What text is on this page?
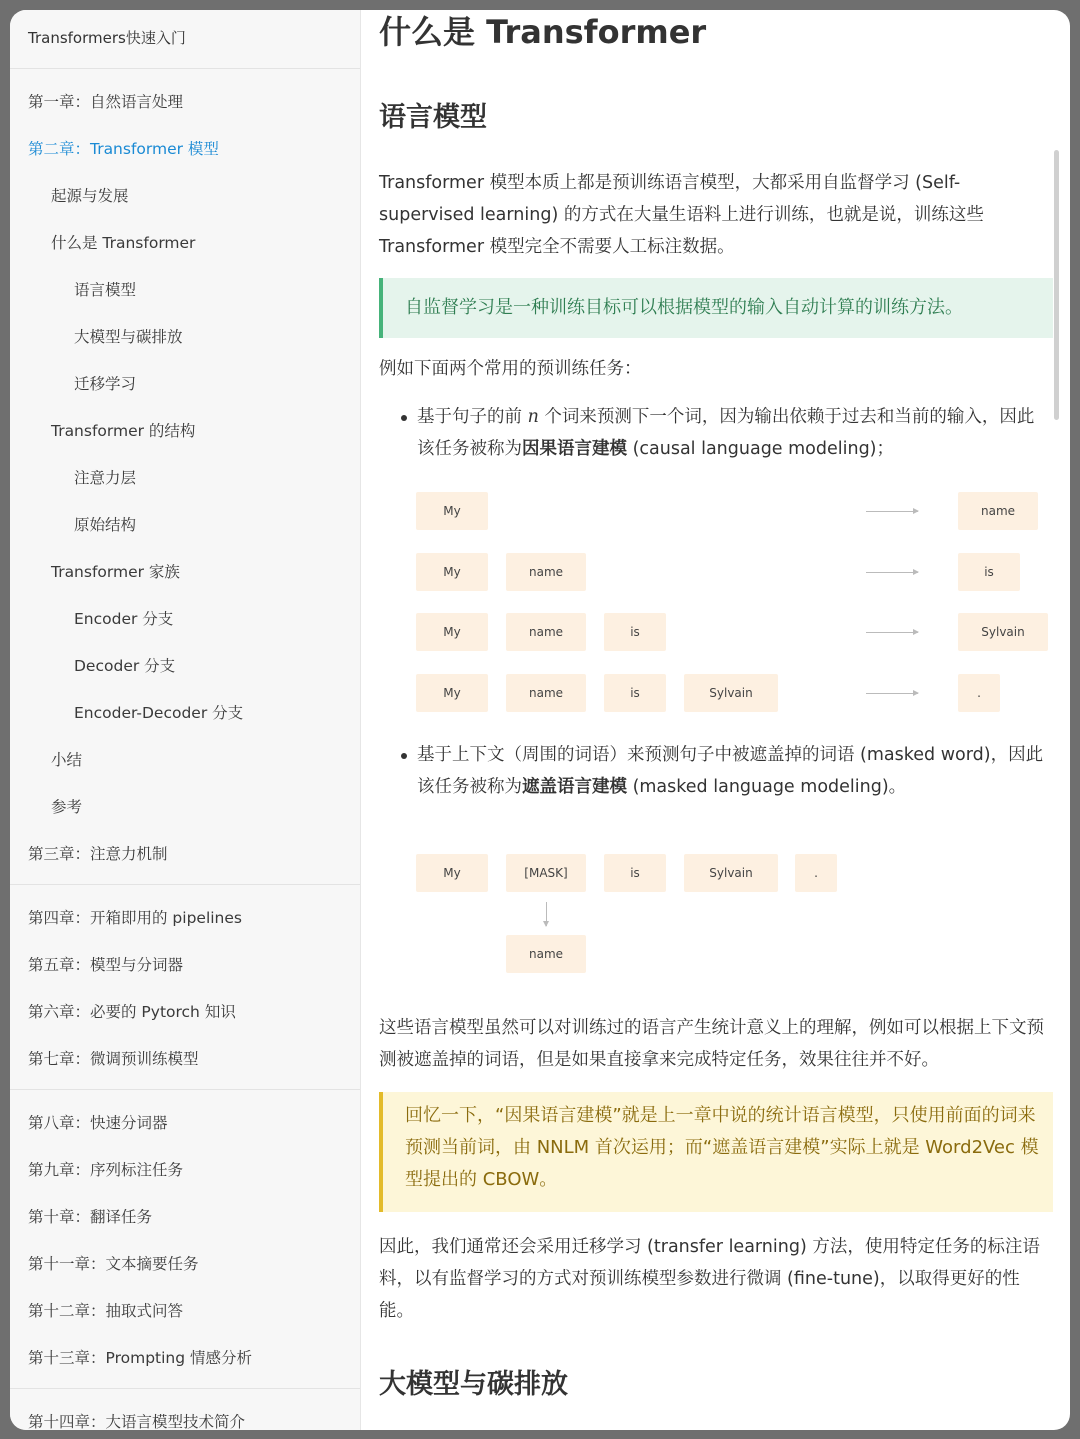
Transformers快速入门
第一章：自然语言处理
第二章：Transformer 模型
起源与发展
什么是 Transformer
语言模型
大模型与碳排放
迁移学习
Transformer 的结构
注意力层
原始结构
Transformer 家族
Encoder 分支
Decoder 分支
Encoder-Decoder 分支
小结
参考
第三章：注意力机制
第四章：开箱即用的 pipelines
第五章：模型与分词器
第六章：必要的 Pytorch 知识
第七章：微调预训练模型
第八章：快速分词器
第九章：序列标注任务
第十章：翻译任务
第十一章：文本摘要任务
第十二章：抽取式问答
第十三章：Prompting 情感分析
第十四章：大语言模型技术简介
什么是 Transformer
语言模型
Transformer 模型本质上都是预训练语言模型，大都采用自监督学习 (Self-supervised learning) 的方式在大量生语料上进行训练，也就是说，训练这些 Transformer 模型完全不需要人工标注数据。
自监督学习是一种训练目标可以根据模型的输入自动计算的训练方法。
例如下面两个常用的预训练任务：
基于句子的前 n 个词来预测下一个词，因为输出依赖于过去和当前的输入，因此该任务被称为因果语言建模 (causal language modeling)；
My	name
My	name	is
My	name	is	Sylvain
My	name	is	Sylvain	.
基于上下文（周围的词语）来预测句子中被遮盖掉的词语 (masked word)，因此该任务被称为遮盖语言建模 (masked language modeling)。
My	[MASK]	is	Sylvain	.
name
这些语言模型虽然可以对训练过的语言产生统计意义上的理解，例如可以根据上下文预测被遮盖掉的词语，但是如果直接拿来完成特定任务，效果往往并不好。
回忆一下，“因果语言建模”就是上一章中说的统计语言模型，只使用前面的词来预测当前词，由 NNLM 首次运用；而“遮盖语言建模”实际上就是 Word2Vec 模型提出的 CBOW。
因此，我们通常还会采用迁移学习 (transfer learning) 方法，使用特定任务的标注语料，以有监督学习的方式对预训练模型参数进行微调 (fine-tune)，以取得更好的性能。
大模型与碳排放
